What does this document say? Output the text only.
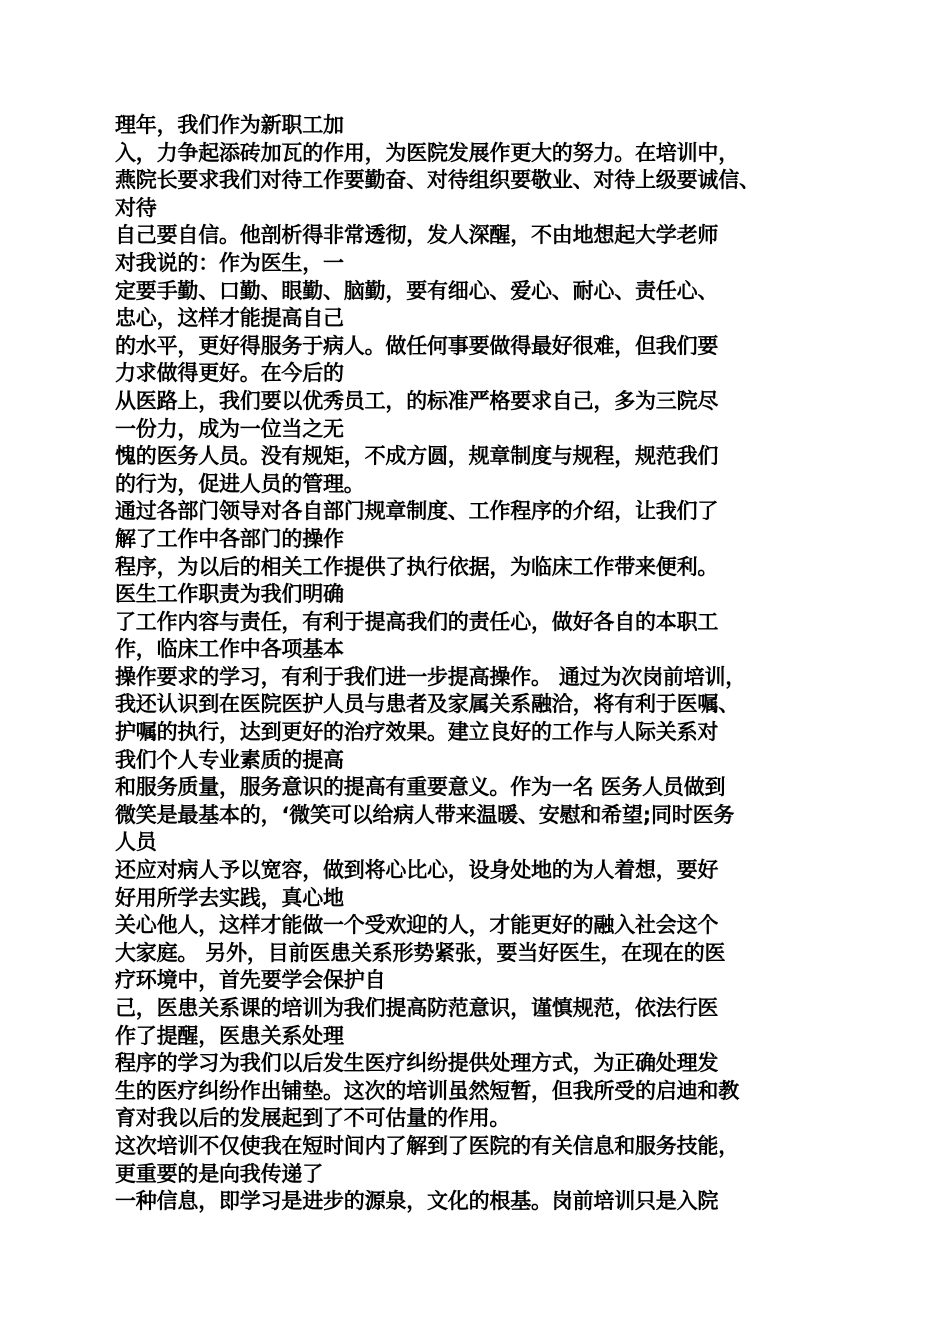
理年，我们作为新职工加
入，力争起添砖加瓦的作用，为医院发展作更大的努力。在培训中，
燕院长要求我们对待工作要勤奋、对待组织要敬业、对待上级要诚信、
对待
自己要自信。他剖析得非常透彻，发人深醒，不由地想起大学老师
对我说的：作为医生，一
定要手勤、口勤、眼勤、脑勤，要有细心、爱心、耐心、责任心、
忠心，这样才能提高自己
的水平，更好得服务于病人。做任何事要做得最好很难，但我们要
力求做得更好。在今后的
从医路上，我们要以优秀员工，的标准严格要求自己，多为三院尽
一份力，成为一位当之无
愧的医务人员。没有规矩，不成方圆，规章制度与规程，规范我们
的行为，促进人员的管理。
通过各部门领导对各自部门规章制度、工作程序的介绍，让我们了
解了工作中各部门的操作
程序，为以后的相关工作提供了执行依据，为临床工作带来便利。
医生工作职责为我们明确
了工作内容与责任，有利于提高我们的责任心，做好各自的本职工
作，临床工作中各项基本
操作要求的学习，有利于我们进一步提高操作。 通过为次岗前培训，
我还认识到在医院医护人员与患者及家属关系融洽，将有利于医嘱、
护嘱的执行，达到更好的治疗效果。建立良好的工作与人际关系对
我们个人专业素质的提高
和服务质量，服务意识的提高有重要意义。作为一名 医务人员做到
微笑是最基本的，‘微笑可以给病人带来温暖、安慰和希望;同时医务
人员
还应对病人予以宽容，做到将心比心，设身处地的为人着想，要好
好用所学去实践，真心地
关心他人，这样才能做一个受欢迎的人，才能更好的融入社会这个
大家庭。 另外，目前医患关系形势紧张，要当好医生，在现在的医
疗环境中，首先要学会保护自
己，医患关系课的培训为我们提高防范意识，谨慎规范，依法行医
作了提醒，医患关系处理
程序的学习为我们以后发生医疗纠纷提供处理方式，为正确处理发
生的医疗纠纷作出铺垫。这次的培训虽然短暂，但我所受的启迪和教
育对我以后的发展起到了不可估量的作用。
这次培训不仅使我在短时间内了解到了医院的有关信息和服务技能，
更重要的是向我传递了
一种信息，即学习是进步的源泉，文化的根基。岗前培训只是入院
